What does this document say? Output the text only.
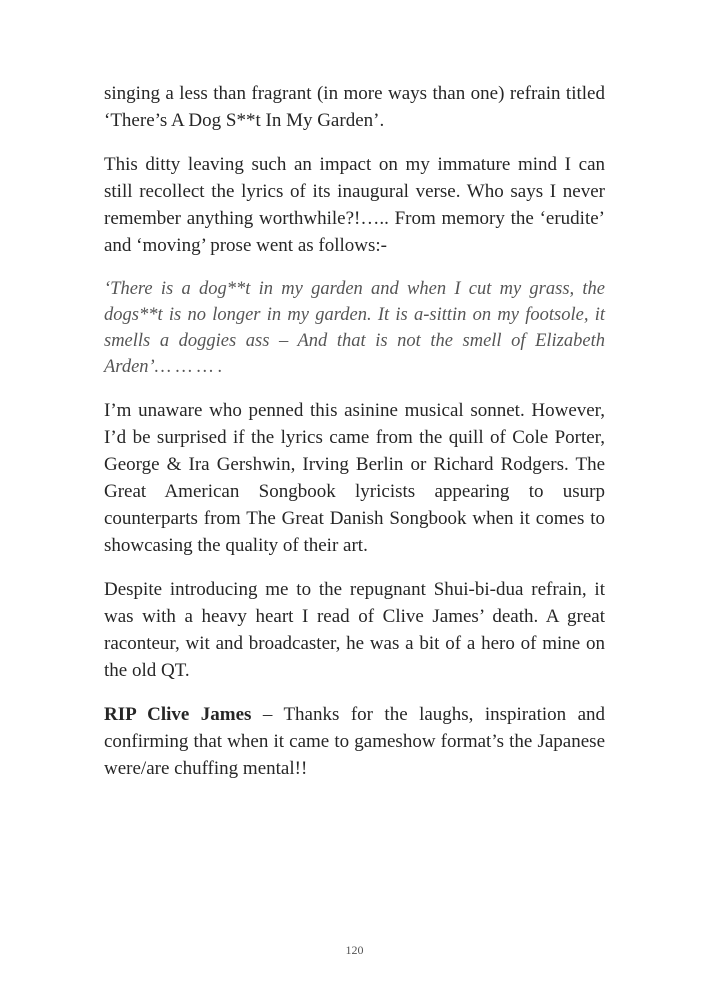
singing a less than fragrant (in more ways than one) refrain titled ‘There’s A Dog S**t In My Garden’.

This ditty leaving such an impact on my immature mind I can still recollect the lyrics of its inaugural verse. Who says I never remember anything worthwhile?!….. From memory the ‘erudite’ and ‘moving’ prose went as follows:-

‘There is a dog**t in my garden and when I cut my grass, the dogs**t is no longer in my garden. It is a-sittin on my footsole, it smells a doggies ass – And that is not the smell of Elizabeth Arden’… … … .

I’m unaware who penned this asinine musical sonnet. However, I’d be surprised if the lyrics came from the quill of Cole Porter, George & Ira Gershwin, Irving Berlin or Richard Rodgers. The Great American Songbook lyricists appearing to usurp counterparts from The Great Danish Songbook when it comes to showcasing the quality of their art.

Despite introducing me to the repugnant Shui-bi-dua refrain, it was with a heavy heart I read of Clive James’ death. A great raconteur, wit and broadcaster, he was a bit of a hero of mine on the old QT.

RIP Clive James – Thanks for the laughs, inspiration and confirming that when it came to gameshow format’s the Japanese were/are chuffing mental!!

120
